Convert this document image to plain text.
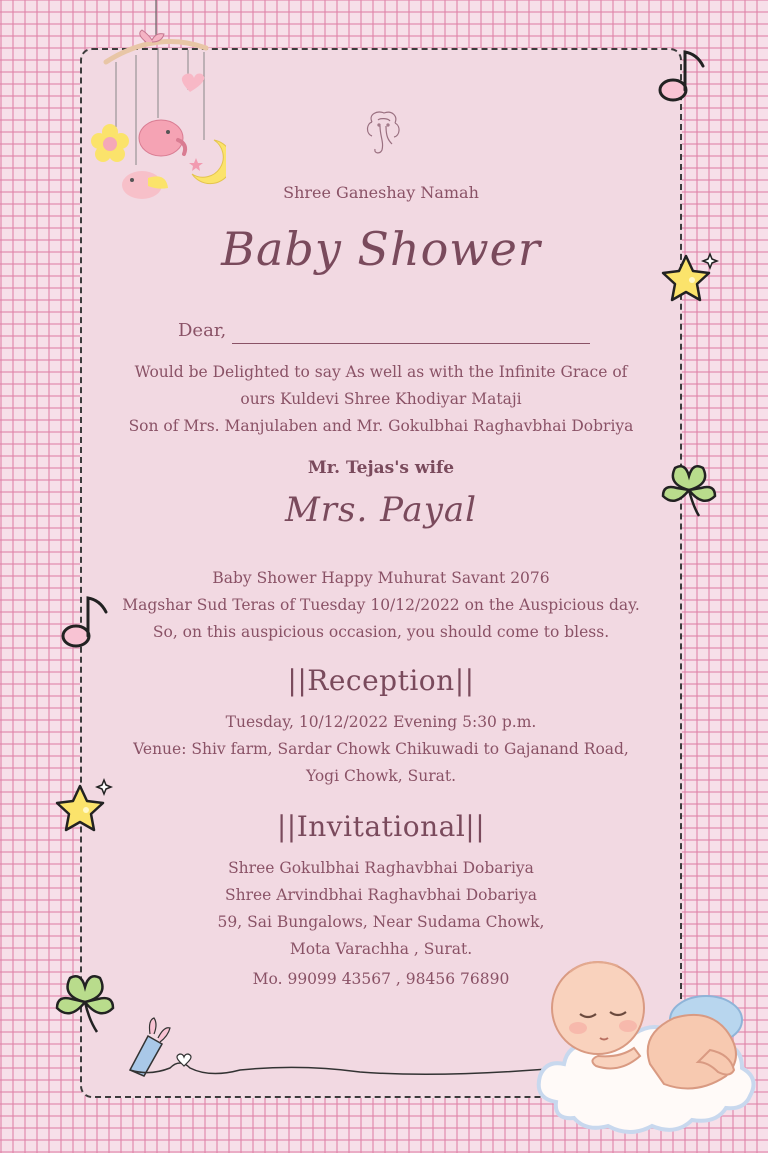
Shree Ganeshay Namah
Baby Shower
Dear,
Would be Delighted to say As well as with the Infinite Grace of
ours Kuldevi Shree Khodiyar Mataji
Son of Mrs. Manjulaben and Mr. Gokulbhai Raghavbhai Dobriya
Mr. Tejas's wife
Mrs. Payal
Baby Shower Happy Muhurat Savant 2076
Magshar Sud Teras of Tuesday 10/12/2022 on the Auspicious day.
So, on this auspicious occasion, you should come to bless.
||Reception||
Tuesday, 10/12/2022 Evening 5:30 p.m.
Venue: Shiv farm, Sardar Chowk Chikuwadi to Gajanand Road,
Yogi Chowk, Surat.
||Invitational||
Shree Gokulbhai Raghavbhai Dobariya
Shree Arvindbhai Raghavbhai Dobariya
59, Sai Bungalows, Near Sudama Chowk,
Mota Varachha , Surat.
Mo. 99099 43567 , 98456 76890
